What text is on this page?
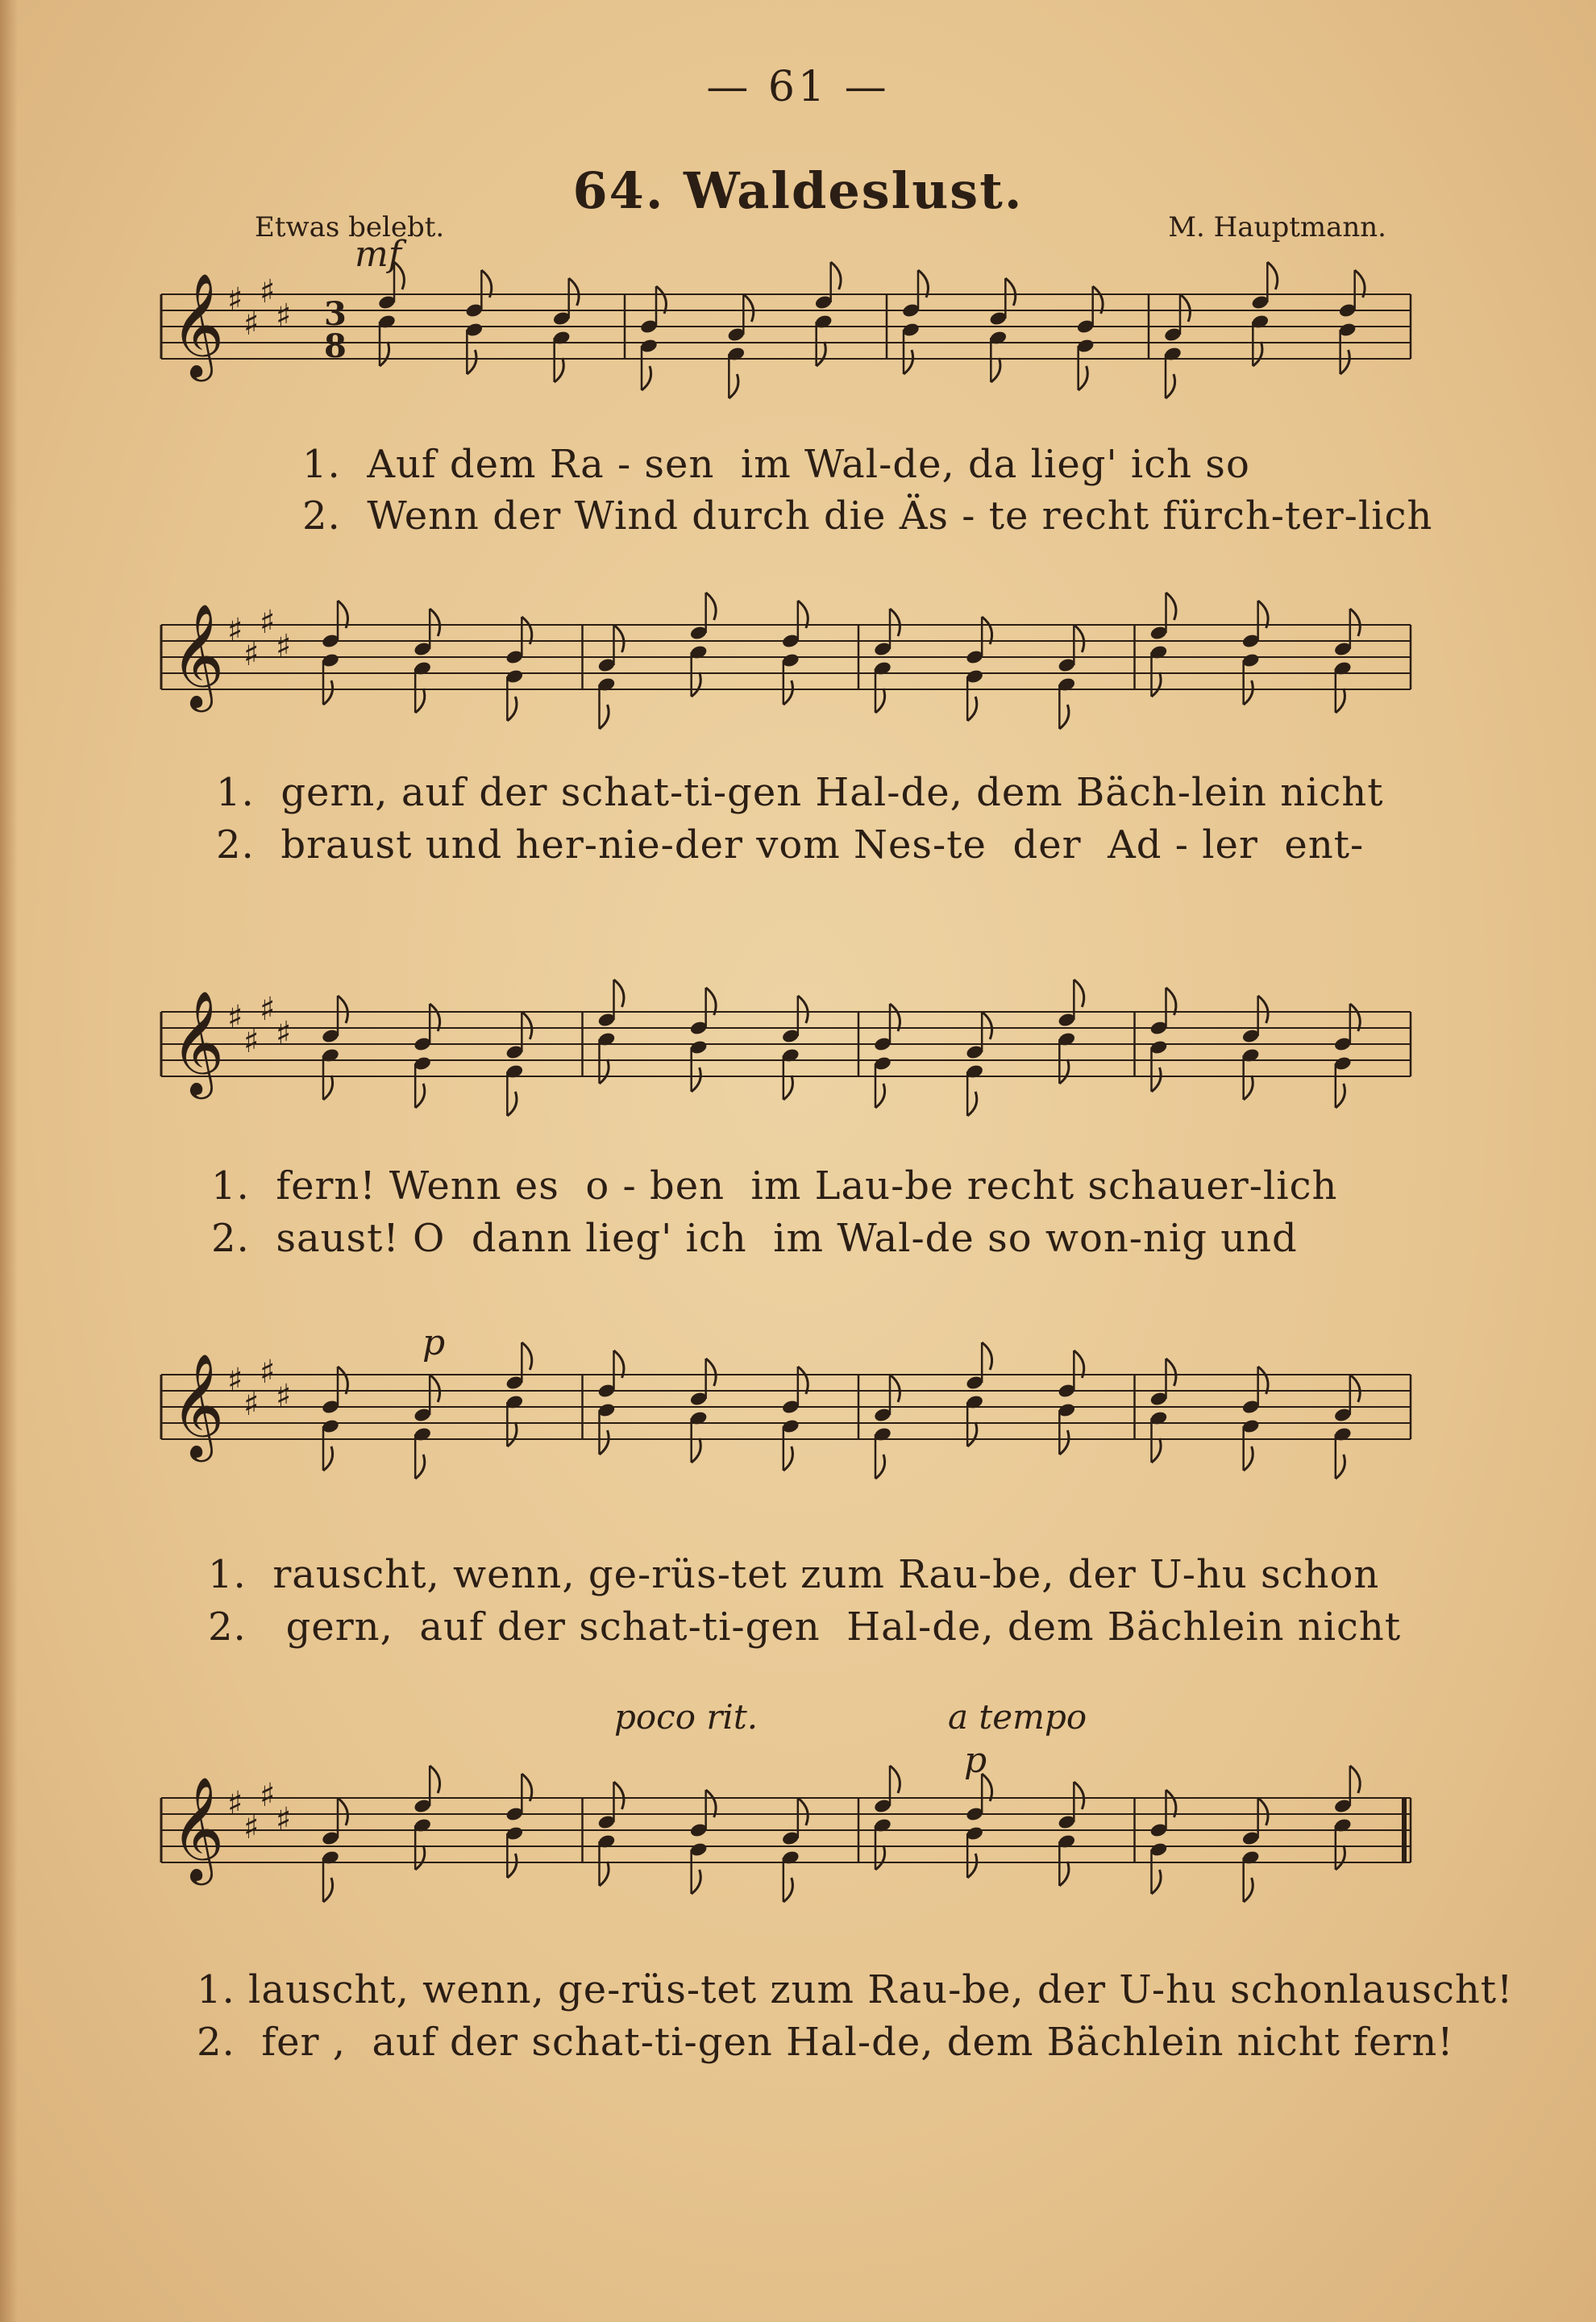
— 61 —
64. Waldeslust.
Etwas belebt.	M. Hauptmann.
mf
p
poco rit.	a tempo
p
𝄞 ♯
♯
♯
♯ 3
8
𝄞 ♯
♯
♯
♯
𝄞 ♯
♯
♯
♯
𝄞 ♯
♯
♯
♯
𝄞 ♯
♯
♯
♯
1.  Auf dem Ra - sen  im Wal-de, da lieg' ich so
2.  Wenn der Wind durch die Äs - te recht fürch-ter-lich
1.  gern, auf der schat-ti-gen Hal-de, dem Bäch-lein nicht
2.  braust und her-nie-der vom Nes-te  der  Ad - ler  ent-
1.  fern! Wenn es  o - ben  im Lau-be recht schauer-lich
2.  saust! O  dann lieg' ich  im Wal-de so won-nig und
1.  rauscht, wenn, ge-rüs-tet zum Rau-be, der U-hu schon
2.   gern,  auf der schat-ti-gen  Hal-de, dem Bächlein nicht
1. lauscht, wenn, ge-rüs-tet zum Rau-be, der U-hu schonlauscht!
2.  fer ,  auf der schat-ti-gen Hal-de, dem Bächlein nicht fern!
